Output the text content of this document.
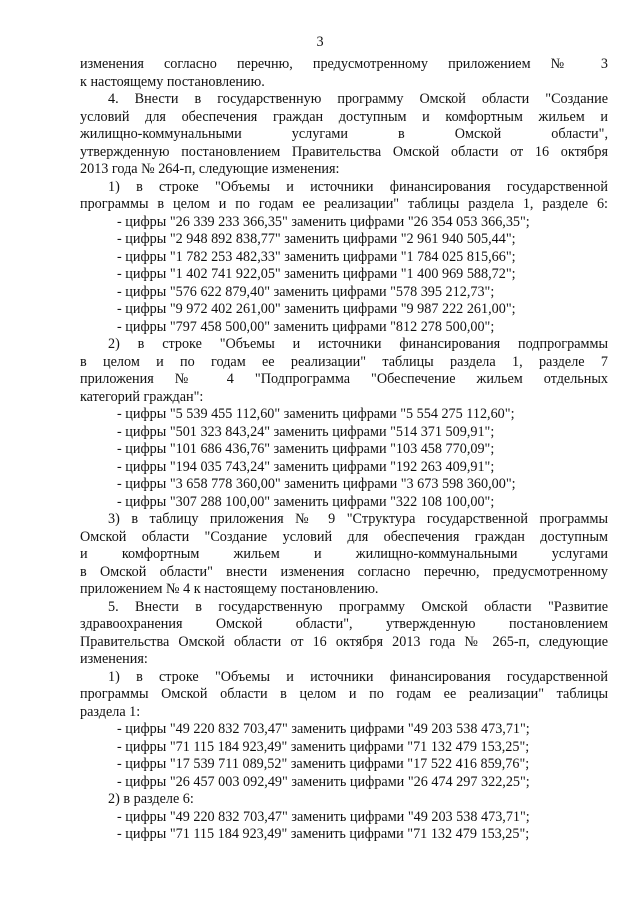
3
изменения согласно перечню, предусмотренному приложением № 3
к настоящему постановлению.
4. Внести в государственную программу Омской области "Создание
условий для обеспечения граждан доступным и комфортным жильем и
жилищно-коммунальными услугами в Омской области",
утвержденную постановлением Правительства Омской области от 16 октября
2013 года № 264-п, следующие изменения:
1) в строке "Объемы и источники финансирования государственной
программы в целом и по годам ее реализации" таблицы раздела 1, разделе 6:
- цифры "26 339 233 366,35" заменить цифрами "26 354 053 366,35";
- цифры "2 948 892 838,77" заменить цифрами "2 961 940 505,44";
- цифры "1 782 253 482,33" заменить цифрами "1 784 025 815,66";
- цифры "1 402 741 922,05" заменить цифрами "1 400 969 588,72";
- цифры "576 622 879,40" заменить цифрами "578 395 212,73";
- цифры "9 972 402 261,00" заменить цифрами "9 987 222 261,00";
- цифры "797 458 500,00" заменить цифрами "812 278 500,00";
2) в строке "Объемы и источники финансирования подпрограммы
в целом и по годам ее реализации" таблицы раздела 1, разделе 7
приложения № 4 "Подпрограмма "Обеспечение жильем отдельных
категорий граждан":
- цифры "5 539 455 112,60" заменить цифрами "5 554 275 112,60";
- цифры "501 323 843,24" заменить цифрами "514 371 509,91";
- цифры "101 686 436,76" заменить цифрами "103 458 770,09";
- цифры "194 035 743,24" заменить цифрами "192 263 409,91";
- цифры "3 658 778 360,00" заменить цифрами "3 673 598 360,00";
- цифры "307 288 100,00" заменить цифрами "322 108 100,00";
3) в таблицу приложения № 9 "Структура государственной программы
Омской области "Создание условий для обеспечения граждан доступным
и комфортным жильем и жилищно-коммунальными услугами
в Омской области" внести изменения согласно перечню, предусмотренному
приложением № 4 к настоящему постановлению.
5. Внести в государственную программу Омской области "Развитие
здравоохранения Омской области", утвержденную постановлением
Правительства Омской области от 16 октября 2013 года № 265-п, следующие
изменения:
1) в строке "Объемы и источники финансирования государственной
программы Омской области в целом и по годам ее реализации" таблицы
раздела 1:
- цифры "49 220 832 703,47" заменить цифрами "49 203 538 473,71";
- цифры "71 115 184 923,49" заменить цифрами "71 132 479 153,25";
- цифры "17 539 711 089,52" заменить цифрами "17 522 416 859,76";
- цифры "26 457 003 092,49" заменить цифрами "26 474 297 322,25";
2) в разделе 6:
- цифры "49 220 832 703,47" заменить цифрами "49 203 538 473,71";
- цифры "71 115 184 923,49" заменить цифрами "71 132 479 153,25";
